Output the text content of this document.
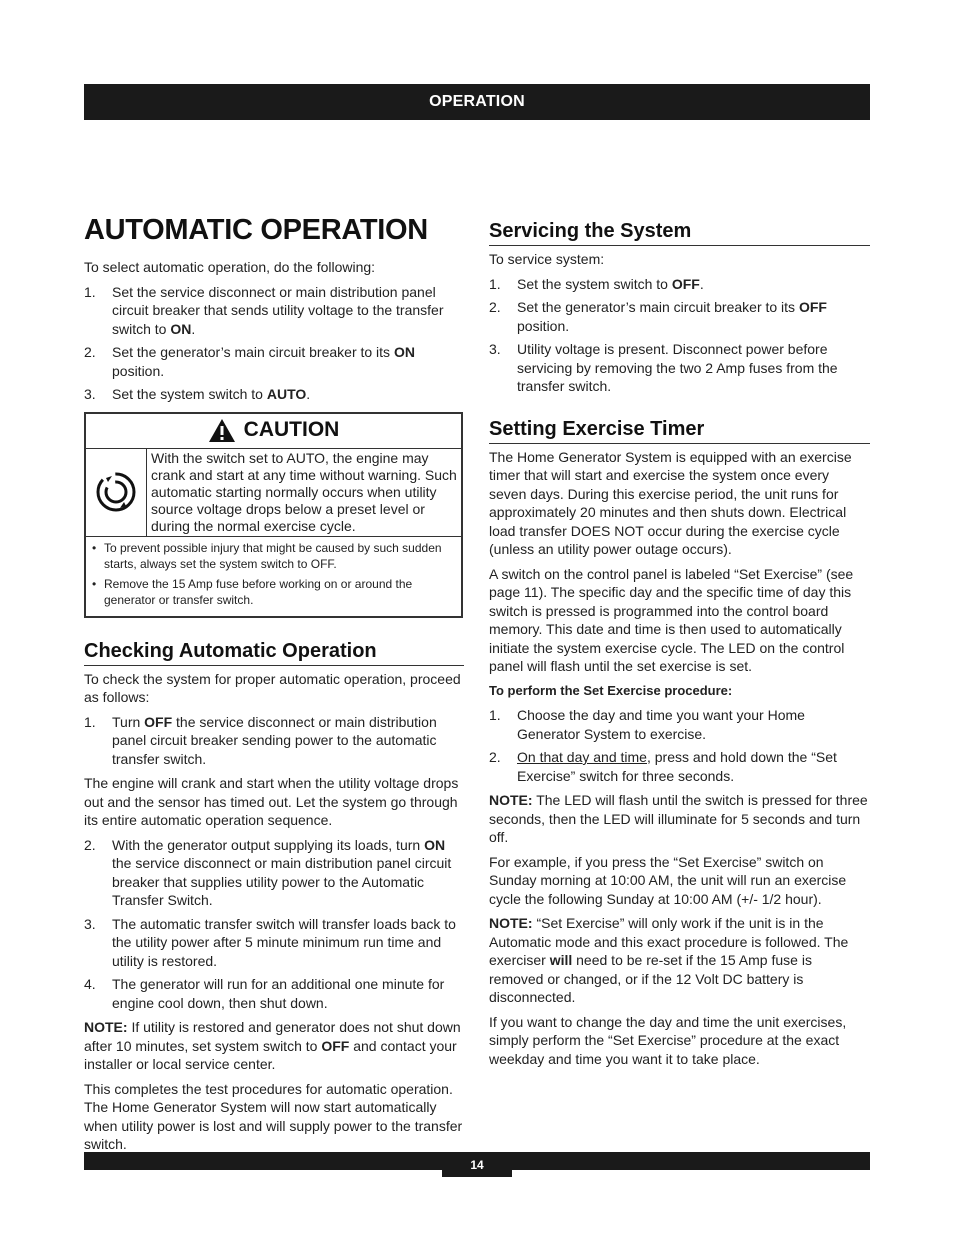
OPERATION
AUTOMATIC OPERATION

To select automatic operation, do the following:

1. Set the service disconnect or main distribution panel circuit breaker that sends utility voltage to the transfer switch to ON.
2. Set the generator’s main circuit breaker to its ON position.
3. Set the system switch to AUTO.
CAUTION
With the switch set to AUTO, the engine may crank and start at any time without warning. Such automatic starting normally occurs when utility source voltage drops below a preset level or during the normal exercise cycle.
• To prevent possible injury that might be caused by such sudden starts, always set the system switch to OFF.
• Remove the 15 Amp fuse before working on or around the generator or transfer switch.
Checking Automatic Operation

To check the system for proper automatic operation, proceed as follows:

1. Turn OFF the service disconnect or main distribution panel circuit breaker sending power to the automatic transfer switch.

The engine will crank and start when the utility voltage drops out and the sensor has timed out. Let the system go through its entire automatic operation sequence.

2. With the generator output supplying its loads, turn ON the service disconnect or main distribution panel circuit breaker that supplies utility power to the Automatic Transfer Switch.
3. The automatic transfer switch will transfer loads back to the utility power after 5 minute minimum run time and utility is restored.
4. The generator will run for an additional one minute for engine cool down, then shut down.

NOTE: If utility is restored and generator does not shut down after 10 minutes, set system switch to OFF and contact your installer or local service center.

This completes the test procedures for automatic operation. The Home Generator System will now start automatically when utility power is lost and will supply power to the transfer switch.

Servicing the System

To service system:

1. Set the system switch to OFF.
2. Set the generator’s main circuit breaker to its OFF position.
3. Utility voltage is present. Disconnect power before servicing by removing the two 2 Amp fuses from the transfer switch.
Setting Exercise Timer

The Home Generator System is equipped with an exercise timer that will start and exercise the system once every seven days. During this exercise period, the unit runs for approximately 20 minutes and then shuts down. Electrical load transfer DOES NOT occur during the exercise cycle (unless an utility power outage occurs).

A switch on the control panel is labeled “Set Exercise” (see page 11). The specific day and the specific time of day this switch is pressed is programmed into the control board memory. This date and time is then used to automatically initiate the system exercise cycle. The LED on the control panel will flash until the set exercise is set.

To perform the Set Exercise procedure:
1. Choose the day and time you want your Home Generator System to exercise.
2. On that day and time, press and hold down the “Set Exercise” switch for three seconds.

NOTE: The LED will flash until the switch is pressed for three seconds, then the LED will illuminate for 5 seconds and turn off.

For example, if you press the “Set Exercise” switch on Sunday morning at 10:00 AM, the unit will run an exercise cycle the following Sunday at 10:00 AM (+/- 1/2 hour).

NOTE: “Set Exercise” will only work if the unit is in the Automatic mode and this exact procedure is followed. The exerciser will need to be re-set if the 15 Amp fuse is removed or changed, or if the 12 Volt DC battery is disconnected.

If you want to change the day and time the unit exercises, simply perform the “Set Exercise” procedure at the exact weekday and time you want it to take place.

14
